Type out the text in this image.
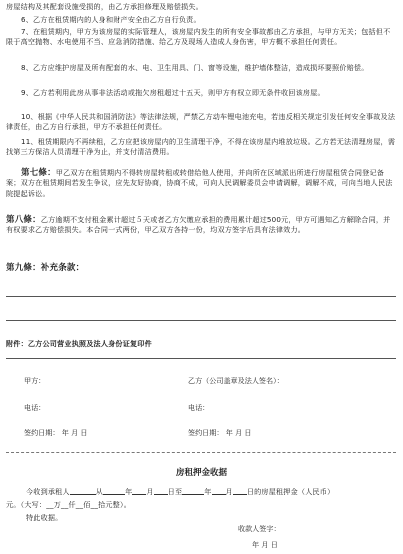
房屋结构及其配套设施受损的，由乙方承担修理及赔偿损失。
6、乙方在租赁期内的人身和财产安全由乙方自行负责。
7、在租赁期内，甲方为该房屋的实际管理人，该房屋内发生的所有安全事故都由乙方承担，与甲方无关；包括但不限于高空抛物、水电使用不当、应急消防措施、给乙方及现场人造成人身伤害，甲方概不承担任何责任。
8、乙方应维护房屋及所有配套的水、电、卫生用具、门、窗等设施，维护墙体整洁，造成损坏要照价赔偿。
9、乙方若利用此房从事非法活动或拖欠房租超过十五天，则甲方有权立即无条件收回该房屋。
10、根据《中华人民共和国消防法》等法律法规，严禁乙方动车锂电池充电，若违反相关规定引发任何安全事故及法律责任，由乙方自行承担，甲方不承担任何责任。
11、租赁期限内不再续租，乙方应把该房屋内的卫生清理干净，不得在该房屋内堆放垃圾。乙方若无法清理房屋，需找第三方保洁人员清理干净为止，并支付清洁费用。
第七條：甲乙双方在租赁期内不得转房屋转租或转借给他人使用，并向所在区域派出所进行房屋租赁合同登记备案；双方在租赁期间若发生争议，应先友好协商，协商不成，可向人民调解委员会申请调解，调解不成，可向当地人民法院提起诉讼。
第八條：乙方逾期不支付租金累计超过５天或者乙方欠缴应承担的费用累计超过500元，甲方可遇知乙方解除合同，并有权要求乙方赔偿损失。本合同一式两份，甲乙双方各持一份，均双方签字后具有法律效力。
第九條：补充条款：
附件：乙方公司营业执照及法人身份证复印件
甲方：	乙方（公司盖章及法人签名）：
电话：	电话：
签约日期： 年 月 日	签约日期： 年 月 日
房租押金收据
今收到承租人	从	年 月 日至	年 月 日的房屋租押金（人民币）
元。（大写：__万__仟__佰__拾元整）。
特此收据。
收款人签字：
年 月 日
